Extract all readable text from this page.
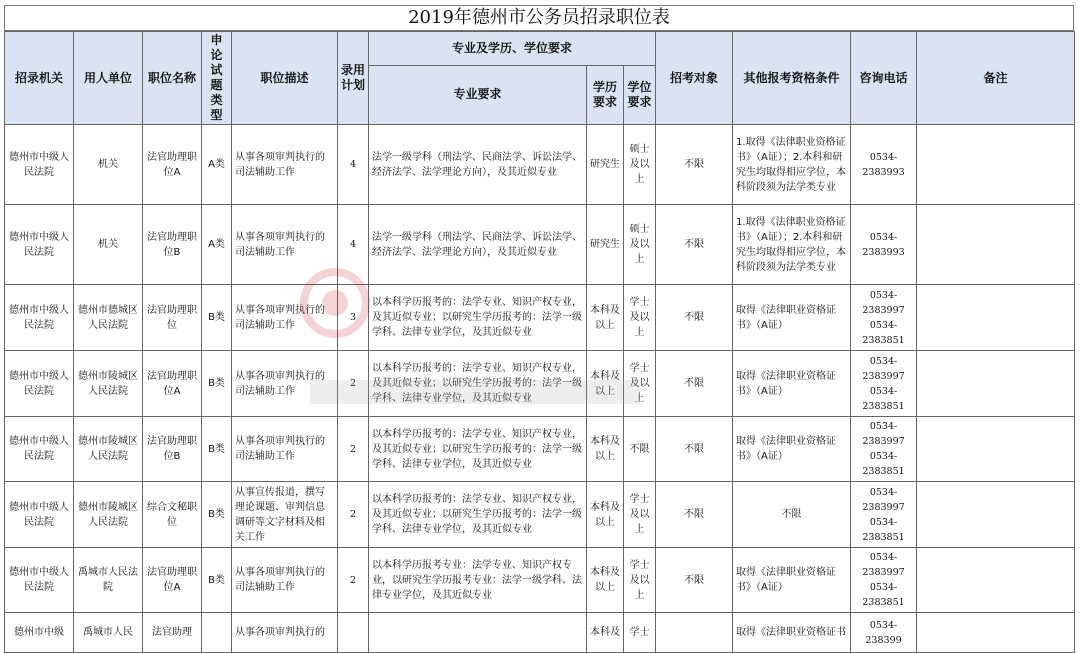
2019年德州市公务员招录职位表
招录机关	用人单位	职位名称	申论试题类型	职位描述	录用计划	专业及学历、学位要求			招考对象	其他报考资格条件	咨询电话	备注
						专业要求	学历要求	学位要求				
德州市中级人民法院	机关	法官助理职位A	A类	从事各项审判执行的司法辅助工作	4	法学一级学科（刑法学、民商法学、诉讼法学、经济法学、法学理论方向），及其近似专业	研究生	硕士及以上	不限	1.取得《法律职业资格证书》（A证）；2.本科和研究生均取得相应学位，本科阶段须为法学类专业	0534-2383993	
德州市中级人民法院	机关	法官助理职位B	A类	从事各项审判执行的司法辅助工作	4	法学一级学科（刑法学、民商法学、诉讼法学、经济法学、法学理论方向），及其近似专业	研究生	硕士及以上	不限	1.取得《法律职业资格证书》（A证）；2.本科和研究生均取得相应学位，本科阶段须为法学类专业	0534-2383993	
德州市中级人民法院	德州市德城区人民法院	法官助理职位	B类	从事各项审判执行的司法辅助工作	3	以本科学历报考的：法学专业、知识产权专业，及其近似专业；以研究生学历报考的：法学一级学科、法律专业学位，及其近似专业	本科及以上	学士及以上	不限	取得《法律职业资格证书》（A证）	0534-2383997 0534-2383851	
德州市中级人民法院	德州市陵城区人民法院	法官助理职位A	B类	从事各项审判执行的司法辅助工作	2	以本科学历报考的：法学专业、知识产权专业，及其近似专业；以研究生学历报考的：法学一级学科、法律专业学位，及其近似专业	本科及以上	学士及以上	不限	取得《法律职业资格证书》（A证）	0534-2383997 0534-2383851	
德州市中级人民法院	德州市陵城区人民法院	法官助理职位B	B类	从事各项审判执行的司法辅助工作	2	以本科学历报考的：法学专业、知识产权专业，及其近似专业；以研究生学历报考的：法学一级学科、法律专业学位，及其近似专业	本科及以上	不限	不限	取得《法律职业资格证书》（A证）	0534-2383997 0534-2383851	
德州市中级人民法院	德州市陵城区人民法院	综合文秘职位	B类	从事宣传报道，撰写理论课题、审判信息调研等文字材料及相关工作	2	以本科学历报考的：法学专业、知识产权专业，及其近似专业；以研究生学历报考的：法学一级学科、法律专业学位，及其近似专业	本科及以上	学士及以上	不限	不限	0534-2383997 0534-2383851	
德州市中级人民法院	禹城市人民法院	法官助理职位A	B类	从事各项审判执行的司法辅助工作	2	以本科学历报考专业：法学专业、知识产权专业，以研究生学历报考专业：法学一级学科、法律专业学位，及其近似专业	本科及以上	学士及以上	不限	取得《法律职业资格证书》（A证）	0534-2383997 0534-2383851	
德州市中级	禹城市人民	法官助理		从事各项审判执行的			本科及	学士		取得《法律职业资格证书	0534-238399	
